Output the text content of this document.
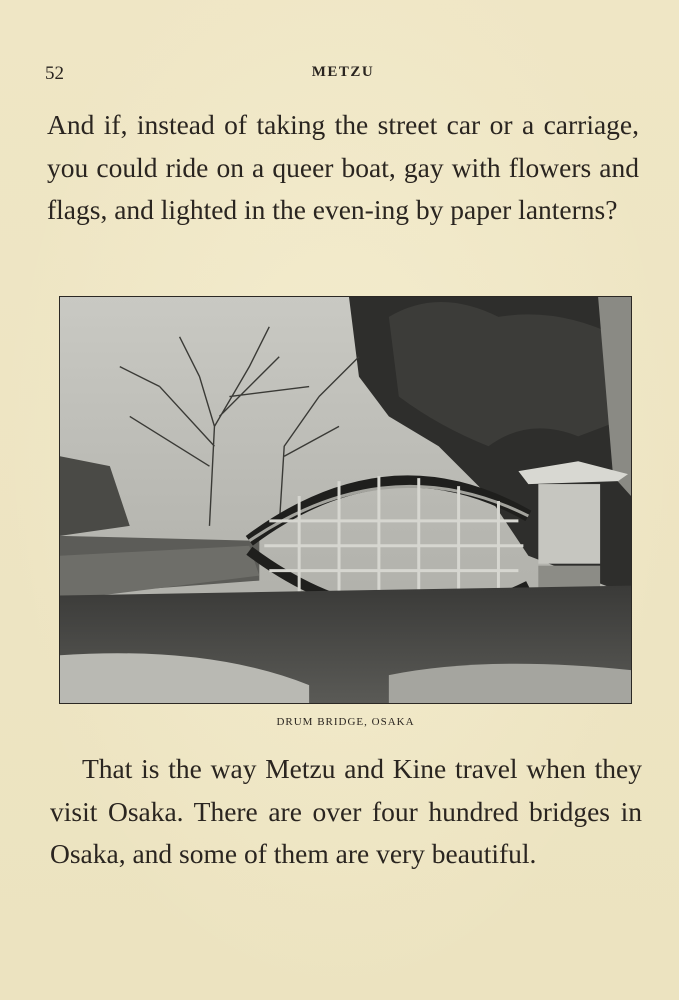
52	METZU

And if, instead of taking the street car or a carriage, you could ride on a queer boat, gay with flowers and flags, and lighted in the even-ing by paper lanterns?

DRUM BRIDGE, OSAKA

That is the way Metzu and Kine travel when they visit Osaka. There are over four hundred bridges in Osaka, and some of them are very beautiful.
